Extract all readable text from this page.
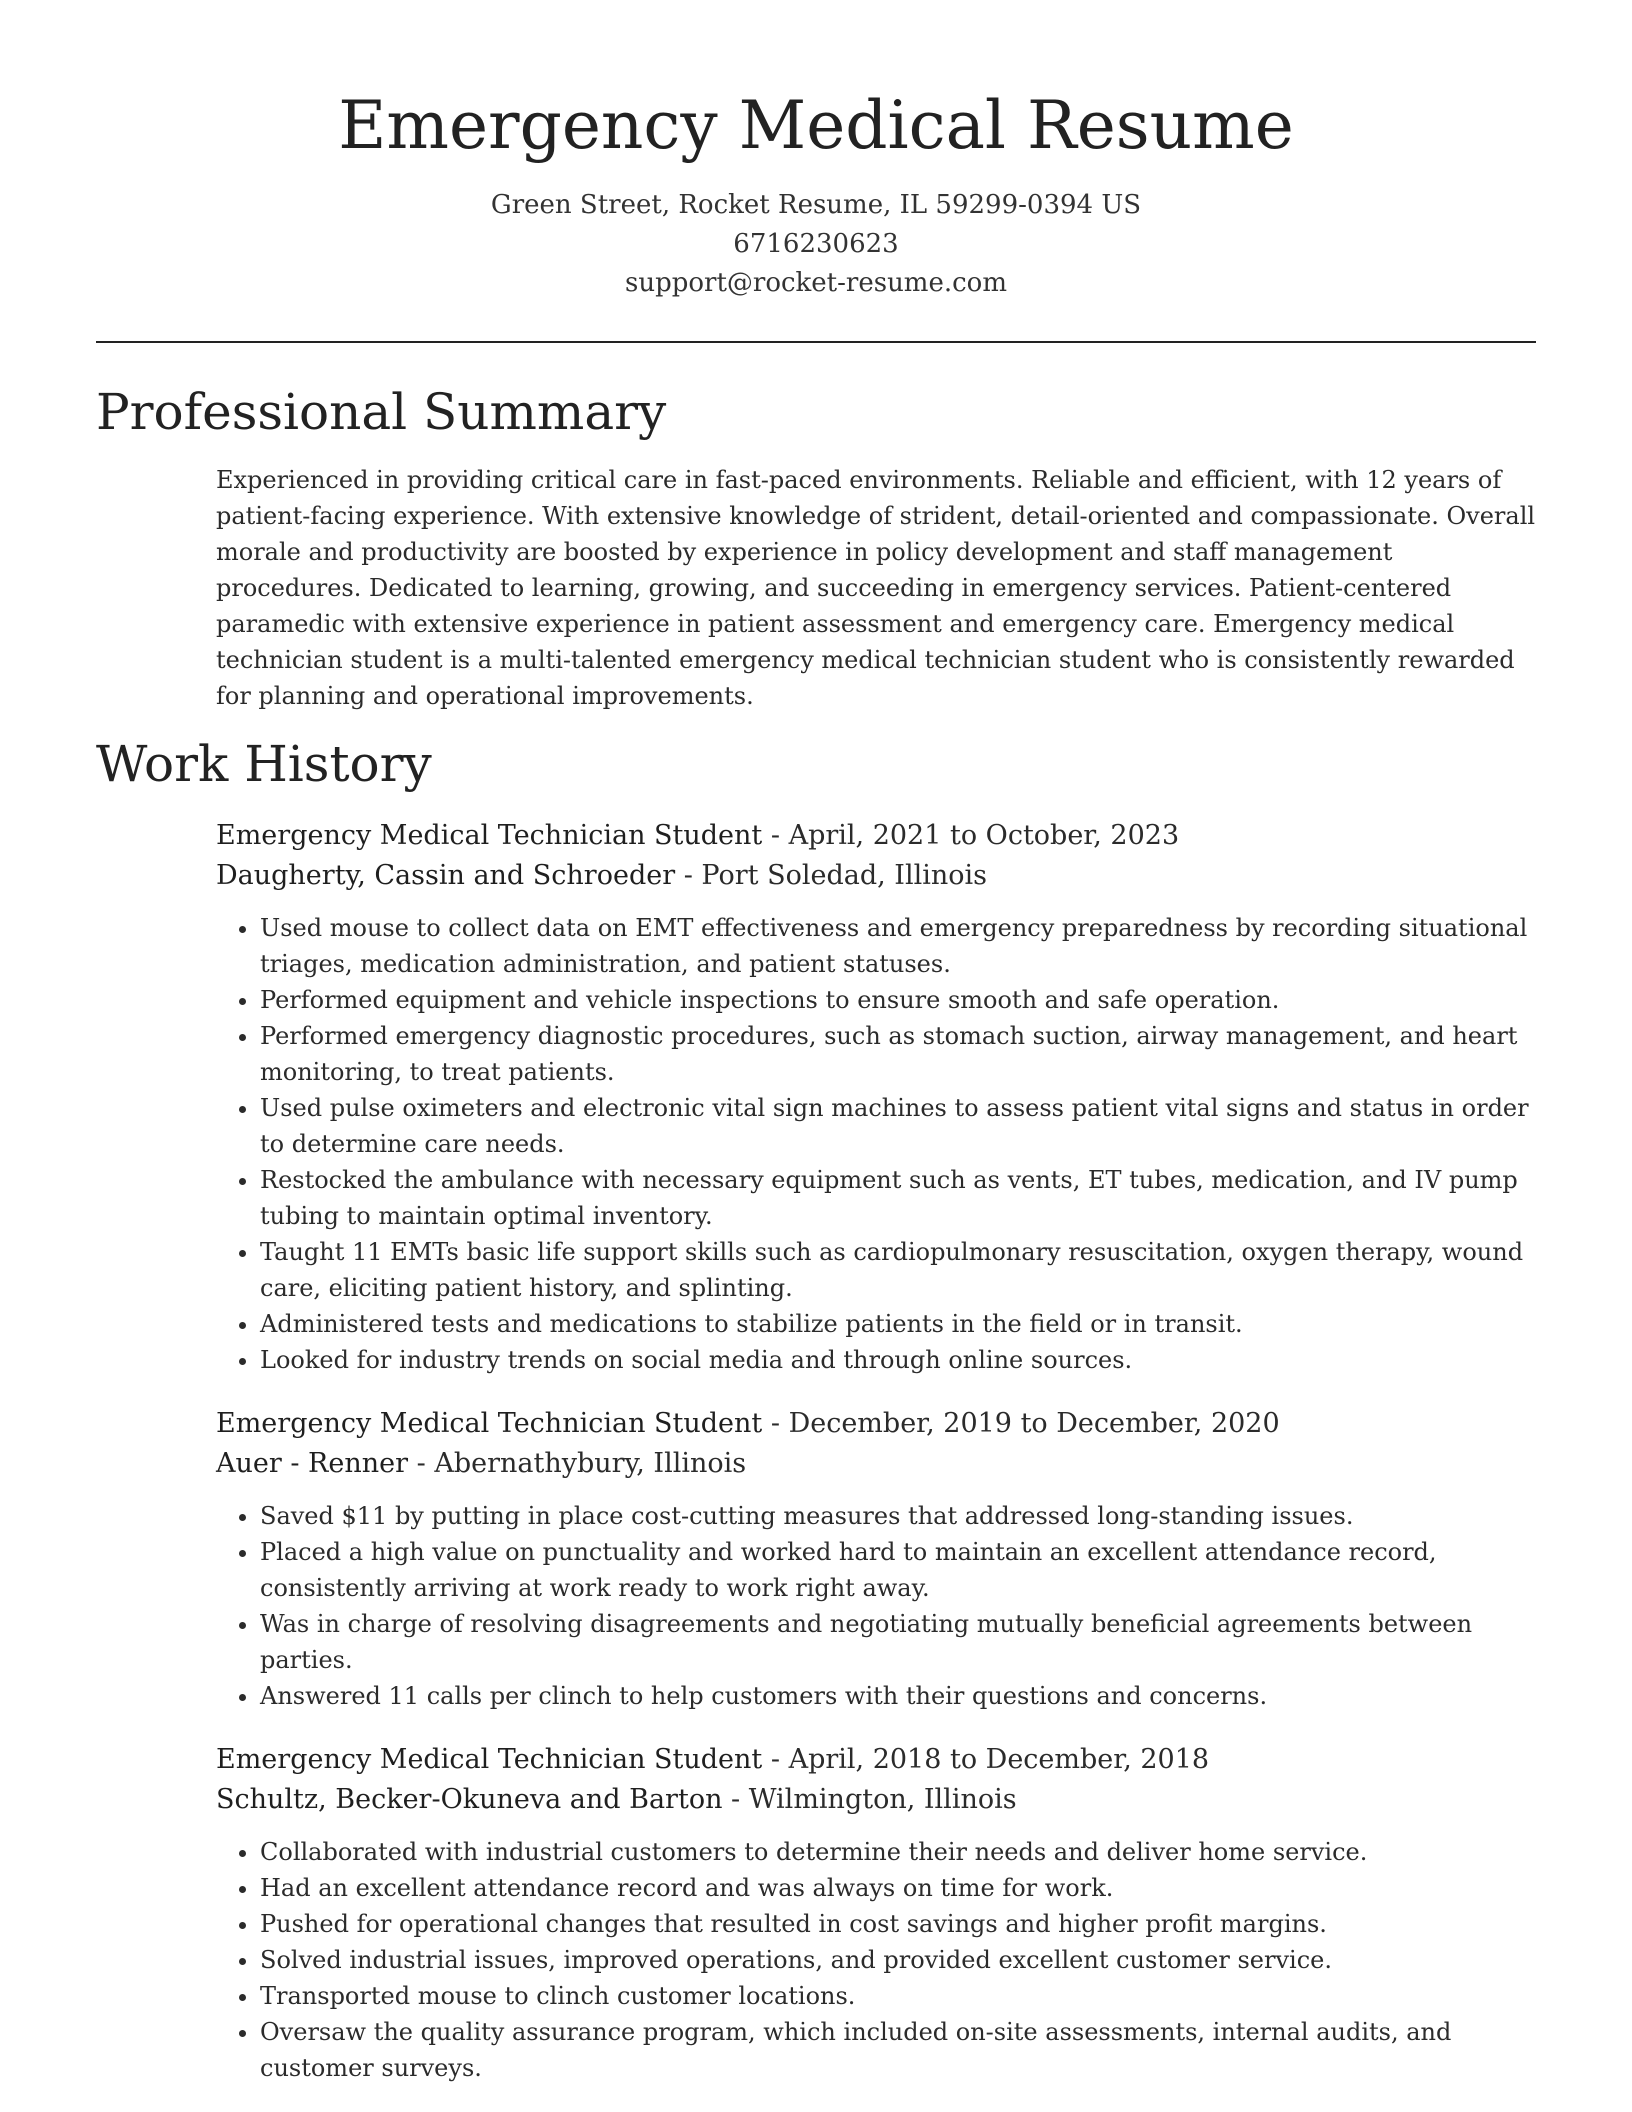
Emergency Medical Resume
Green Street, Rocket Resume, IL 59299-0394 US
6716230623
support@rocket-resume.com
Professional Summary

Experienced in providing critical care in fast-paced environments. Reliable and efficient, with 12 years of patient-facing experience. With extensive knowledge of strident, detail-oriented and compassionate. Overall morale and productivity are boosted by experience in policy development and staff management procedures. Dedicated to learning, growing, and succeeding in emergency services. Patient-centered paramedic with extensive experience in patient assessment and emergency care. Emergency medical technician student is a multi-talented emergency medical technician student who is consistently rewarded for planning and operational improvements.

Work History
Emergency Medical Technician Student - April, 2021 to October, 2023
Daugherty, Cassin and Schroeder - Port Soledad, Illinois
• Used mouse to collect data on EMT effectiveness and emergency preparedness by recording situational triages, medication administration, and patient statuses.
• Performed equipment and vehicle inspections to ensure smooth and safe operation.
• Performed emergency diagnostic procedures, such as stomach suction, airway management, and heart monitoring, to treat patients.
• Used pulse oximeters and electronic vital sign machines to assess patient vital signs and status in order to determine care needs.
• Restocked the ambulance with necessary equipment such as vents, ET tubes, medication, and IV pump tubing to maintain optimal inventory.
• Taught 11 EMTs basic life support skills such as cardiopulmonary resuscitation, oxygen therapy, wound care, eliciting patient history, and splinting.
• Administered tests and medications to stabilize patients in the field or in transit.
• Looked for industry trends on social media and through online sources.
Emergency Medical Technician Student - December, 2019 to December, 2020
Auer - Renner - Abernathybury, Illinois
• Saved $11 by putting in place cost-cutting measures that addressed long-standing issues.
• Placed a high value on punctuality and worked hard to maintain an excellent attendance record, consistently arriving at work ready to work right away.
• Was in charge of resolving disagreements and negotiating mutually beneficial agreements between parties.
• Answered 11 calls per clinch to help customers with their questions and concerns.
Emergency Medical Technician Student - April, 2018 to December, 2018
Schultz, Becker-Okuneva and Barton - Wilmington, Illinois
• Collaborated with industrial customers to determine their needs and deliver home service.
• Had an excellent attendance record and was always on time for work.
• Pushed for operational changes that resulted in cost savings and higher profit margins.
• Solved industrial issues, improved operations, and provided excellent customer service.
• Transported mouse to clinch customer locations.
• Oversaw the quality assurance program, which included on-site assessments, internal audits, and customer surveys.
